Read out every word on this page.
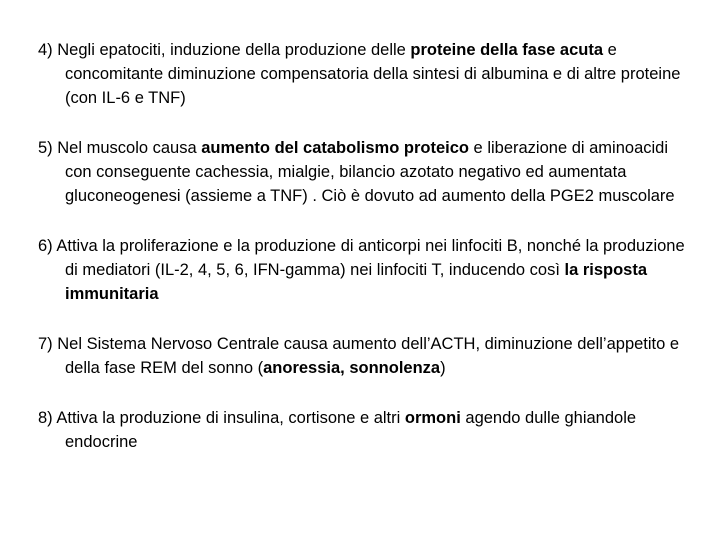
4) Negli epatociti, induzione della produzione delle proteine della fase acuta e concomitante diminuzione compensatoria della sintesi di albumina e di altre proteine (con IL-6 e TNF)

5) Nel muscolo causa aumento del catabolismo proteico e liberazione di aminoacidi con conseguente cachessia, mialgie, bilancio azotato negativo ed aumentata gluconeogenesi (assieme a TNF) . Ciò è dovuto ad aumento della PGE2 muscolare

6) Attiva la proliferazione e la produzione di anticorpi nei linfociti B, nonché la produzione di mediatori (IL-2, 4, 5, 6, IFN-gamma) nei linfociti T, inducendo così la risposta immunitaria

7) Nel Sistema Nervoso Centrale causa aumento dell’ACTH, diminuzione dell’appetito e della fase REM del sonno (anoressia, sonnolenza)

8) Attiva la produzione di insulina, cortisone e altri ormoni agendo dulle ghiandole endocrine
